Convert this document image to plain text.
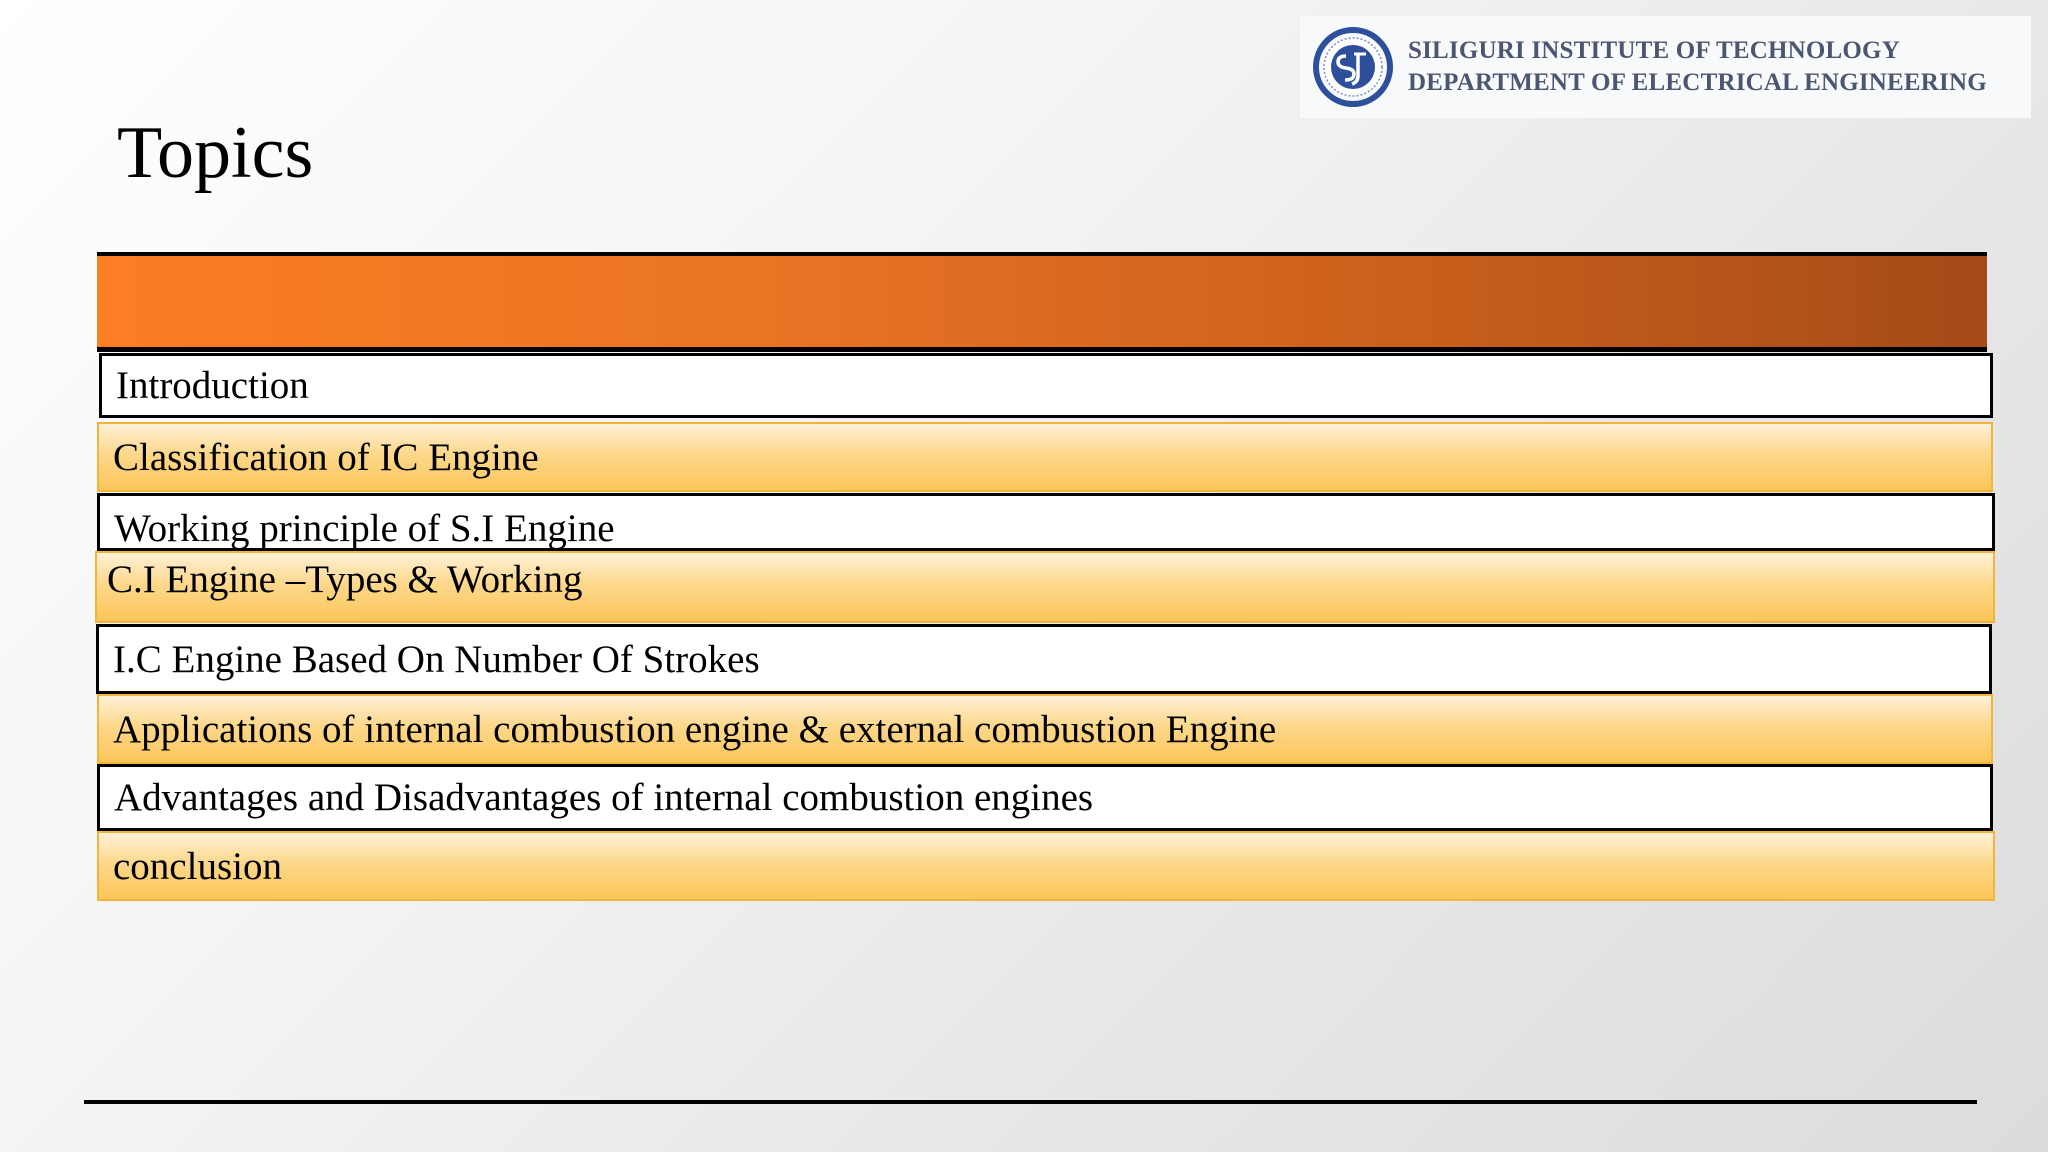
SILIGURI INSTITUTE OF TECHNOLOGY
DEPARTMENT OF ELECTRICAL ENGINEERING
Topics
Introduction
Classification of IC Engine
Working principle of S.I Engine
C.I Engine –Types & Working
I.C Engine Based On Number Of Strokes
Applications of internal combustion engine & external combustion Engine
Advantages and Disadvantages of internal combustion engines
conclusion
